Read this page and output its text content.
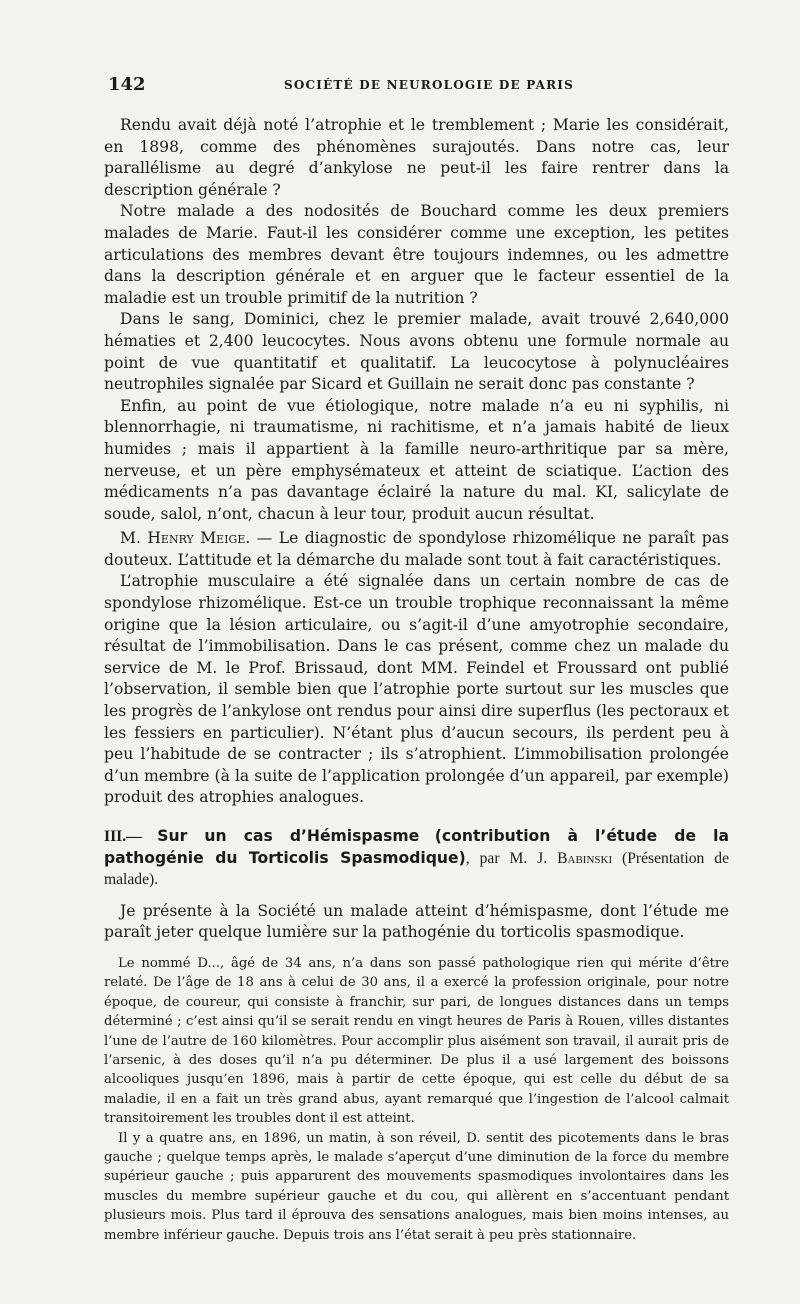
142	SOCIÉTÉ DE NEUROLOGIE DE PARIS

Rendu avait déjà noté l’atrophie et le tremblement ; Marie les considérait, en 1898, comme des phénomènes surajoutés. Dans notre cas, leur parallélisme au degré d’ankylose ne peut-il les faire rentrer dans la description générale ?

Notre malade a des nodosités de Bouchard comme les deux premiers malades de Marie. Faut-il les considérer comme une exception, les petites articulations des membres devant être toujours indemnes, ou les admettre dans la description générale et en arguer que le facteur essentiel de la maladie est un trouble primitif de la nutrition ?

Dans le sang, Dominici, chez le premier malade, avait trouvé 2,640,000 hématies et 2,400 leucocytes. Nous avons obtenu une formule normale au point de vue quantitatif et qualitatif. La leucocytose à polynucléaires neutrophiles signalée par Sicard et Guillain ne serait donc pas constante ?

Enfin, au point de vue étiologique, notre malade n’a eu ni syphilis, ni blennorrhagie, ni traumatisme, ni rachitisme, et n’a jamais habité de lieux humides ; mais il appartient à la famille neuro-arthritique par sa mère, nerveuse, et un père emphysémateux et atteint de sciatique. L’action des médicaments n’a pas davantage éclairé la nature du mal. KI, salicylate de soude, salol, n’ont, chacun à leur tour, produit aucun résultat.

M. Henry Meige. — Le diagnostic de spondylose rhizomélique ne paraît pas douteux. L’attitude et la démarche du malade sont tout à fait caractéristiques.

L’atrophie musculaire a été signalée dans un certain nombre de cas de spondylose rhizomélique. Est-ce un trouble trophique reconnaissant la même origine que la lésion articulaire, ou s’agit-il d’une amyotrophie secondaire, résultat de l’immobilisation. Dans le cas présent, comme chez un malade du service de M. le Prof. Brissaud, dont MM. Feindel et Froussard ont publié l’observation, il semble bien que l’atrophie porte surtout sur les muscles que les progrès de l’ankylose ont rendus pour ainsi dire superflus (les pectoraux et les fessiers en particulier). N’étant plus d’aucun secours, ils perdent peu à peu l’habitude de se contracter ; ils s’atrophient. L’immobilisation prolongée d’un membre (à la suite de l’application prolongée d’un appareil, par exemple) produit des atrophies analogues.

III.— Sur un cas d’Hémispasme (contribution à l’étude de la pathogénie du Torticolis Spasmodique), par M. J. Babinski (Présentation de malade).

Je présente à la Société un malade atteint d’hémispasme, dont l’étude me paraît jeter quelque lumière sur la pathogénie du torticolis spasmodique.

Le nommé D..., âgé de 34 ans, n’a dans son passé pathologique rien qui mérite d’être relaté. De l’âge de 18 ans à celui de 30 ans, il a exercé la profession originale, pour notre époque, de coureur, qui consiste à franchir, sur pari, de longues distances dans un temps déterminé ; c’est ainsi qu’il se serait rendu en vingt heures de Paris à Rouen, villes distantes l’une de l’autre de 160 kilomètres. Pour accomplir plus aisément son travail, il aurait pris de l’arsenic, à des doses qu’il n’a pu déterminer. De plus il a usé largement des boissons alcooliques jusqu’en 1896, mais à partir de cette époque, qui est celle du début de sa maladie, il en a fait un très grand abus, ayant remarqué que l’ingestion de l’alcool calmait transitoirement les troubles dont il est atteint.

Il y a quatre ans, en 1896, un matin, à son réveil, D. sentit des picotements dans le bras gauche ; quelque temps après, le malade s’aperçut d’une diminution de la force du membre supérieur gauche ; puis apparurent des mouvements spasmodiques involontaires dans les muscles du membre supérieur gauche et du cou, qui allèrent en s’accentuant pendant plusieurs mois. Plus tard il éprouva des sensations analogues, mais bien moins intenses, au membre inférieur gauche. Depuis trois ans l’état serait à peu près stationnaire.
